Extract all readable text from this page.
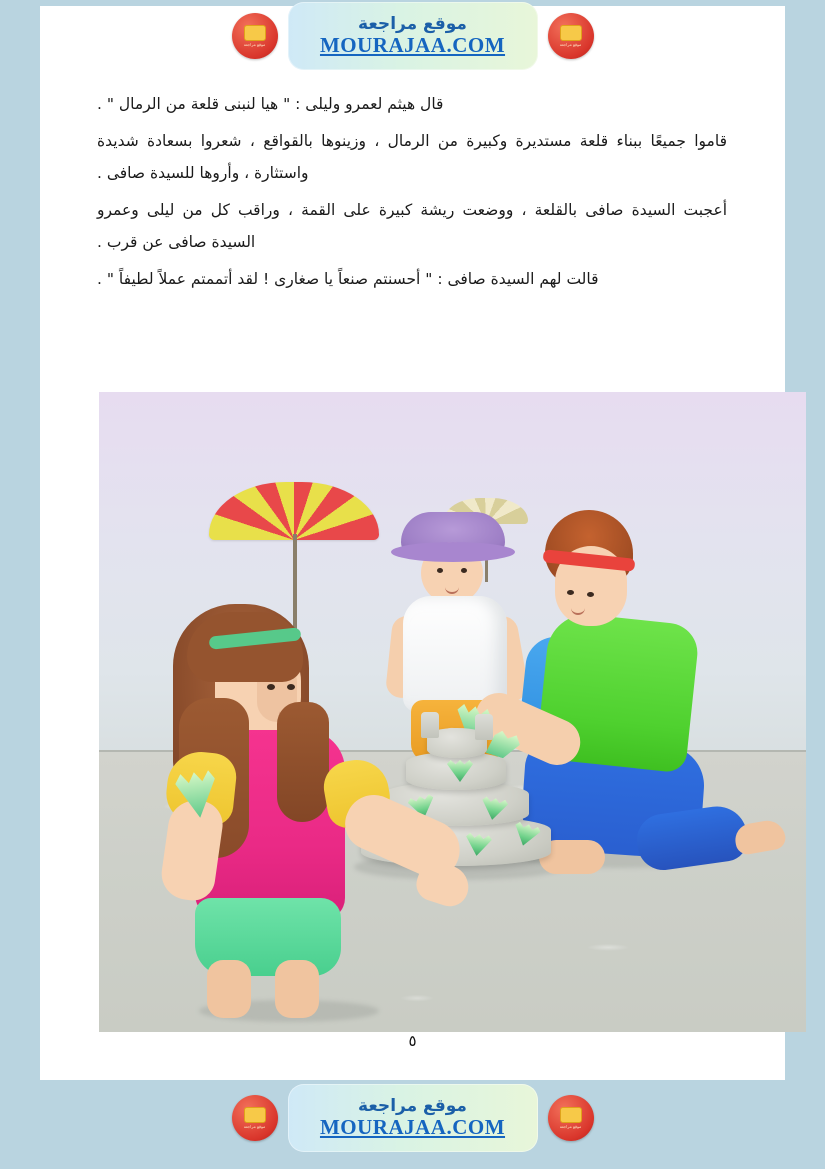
قال هيثم لعمرو وليلى : " هيا لنبنى قلعة من الرمال " .

قاموا جميعًا ببناء قلعة مستديرة وكبيرة من الرمال ، وزينوها بالقواقع ، شعروا بسعادة شديدة واستثارة ، وأروها للسيدة صافى .

أعجبت السيدة صافى بالقلعة ، ووضعت ريشة كبيرة على القمة ، وراقب كل من ليلى وعمرو السيدة صافى عن قرب .

قالت لهم السيدة صافى : " أحسنتم صنعاً يا صغارى ! لقد أتممتم عملاً لطيفاً " .

٥
موقع مراجعة
موقع مراجعة
MOURAJAA.COM
موقع مراجعة
موقع مراجعة
موقع مراجعة
MOURAJAA.COM
موقع مراجعة
